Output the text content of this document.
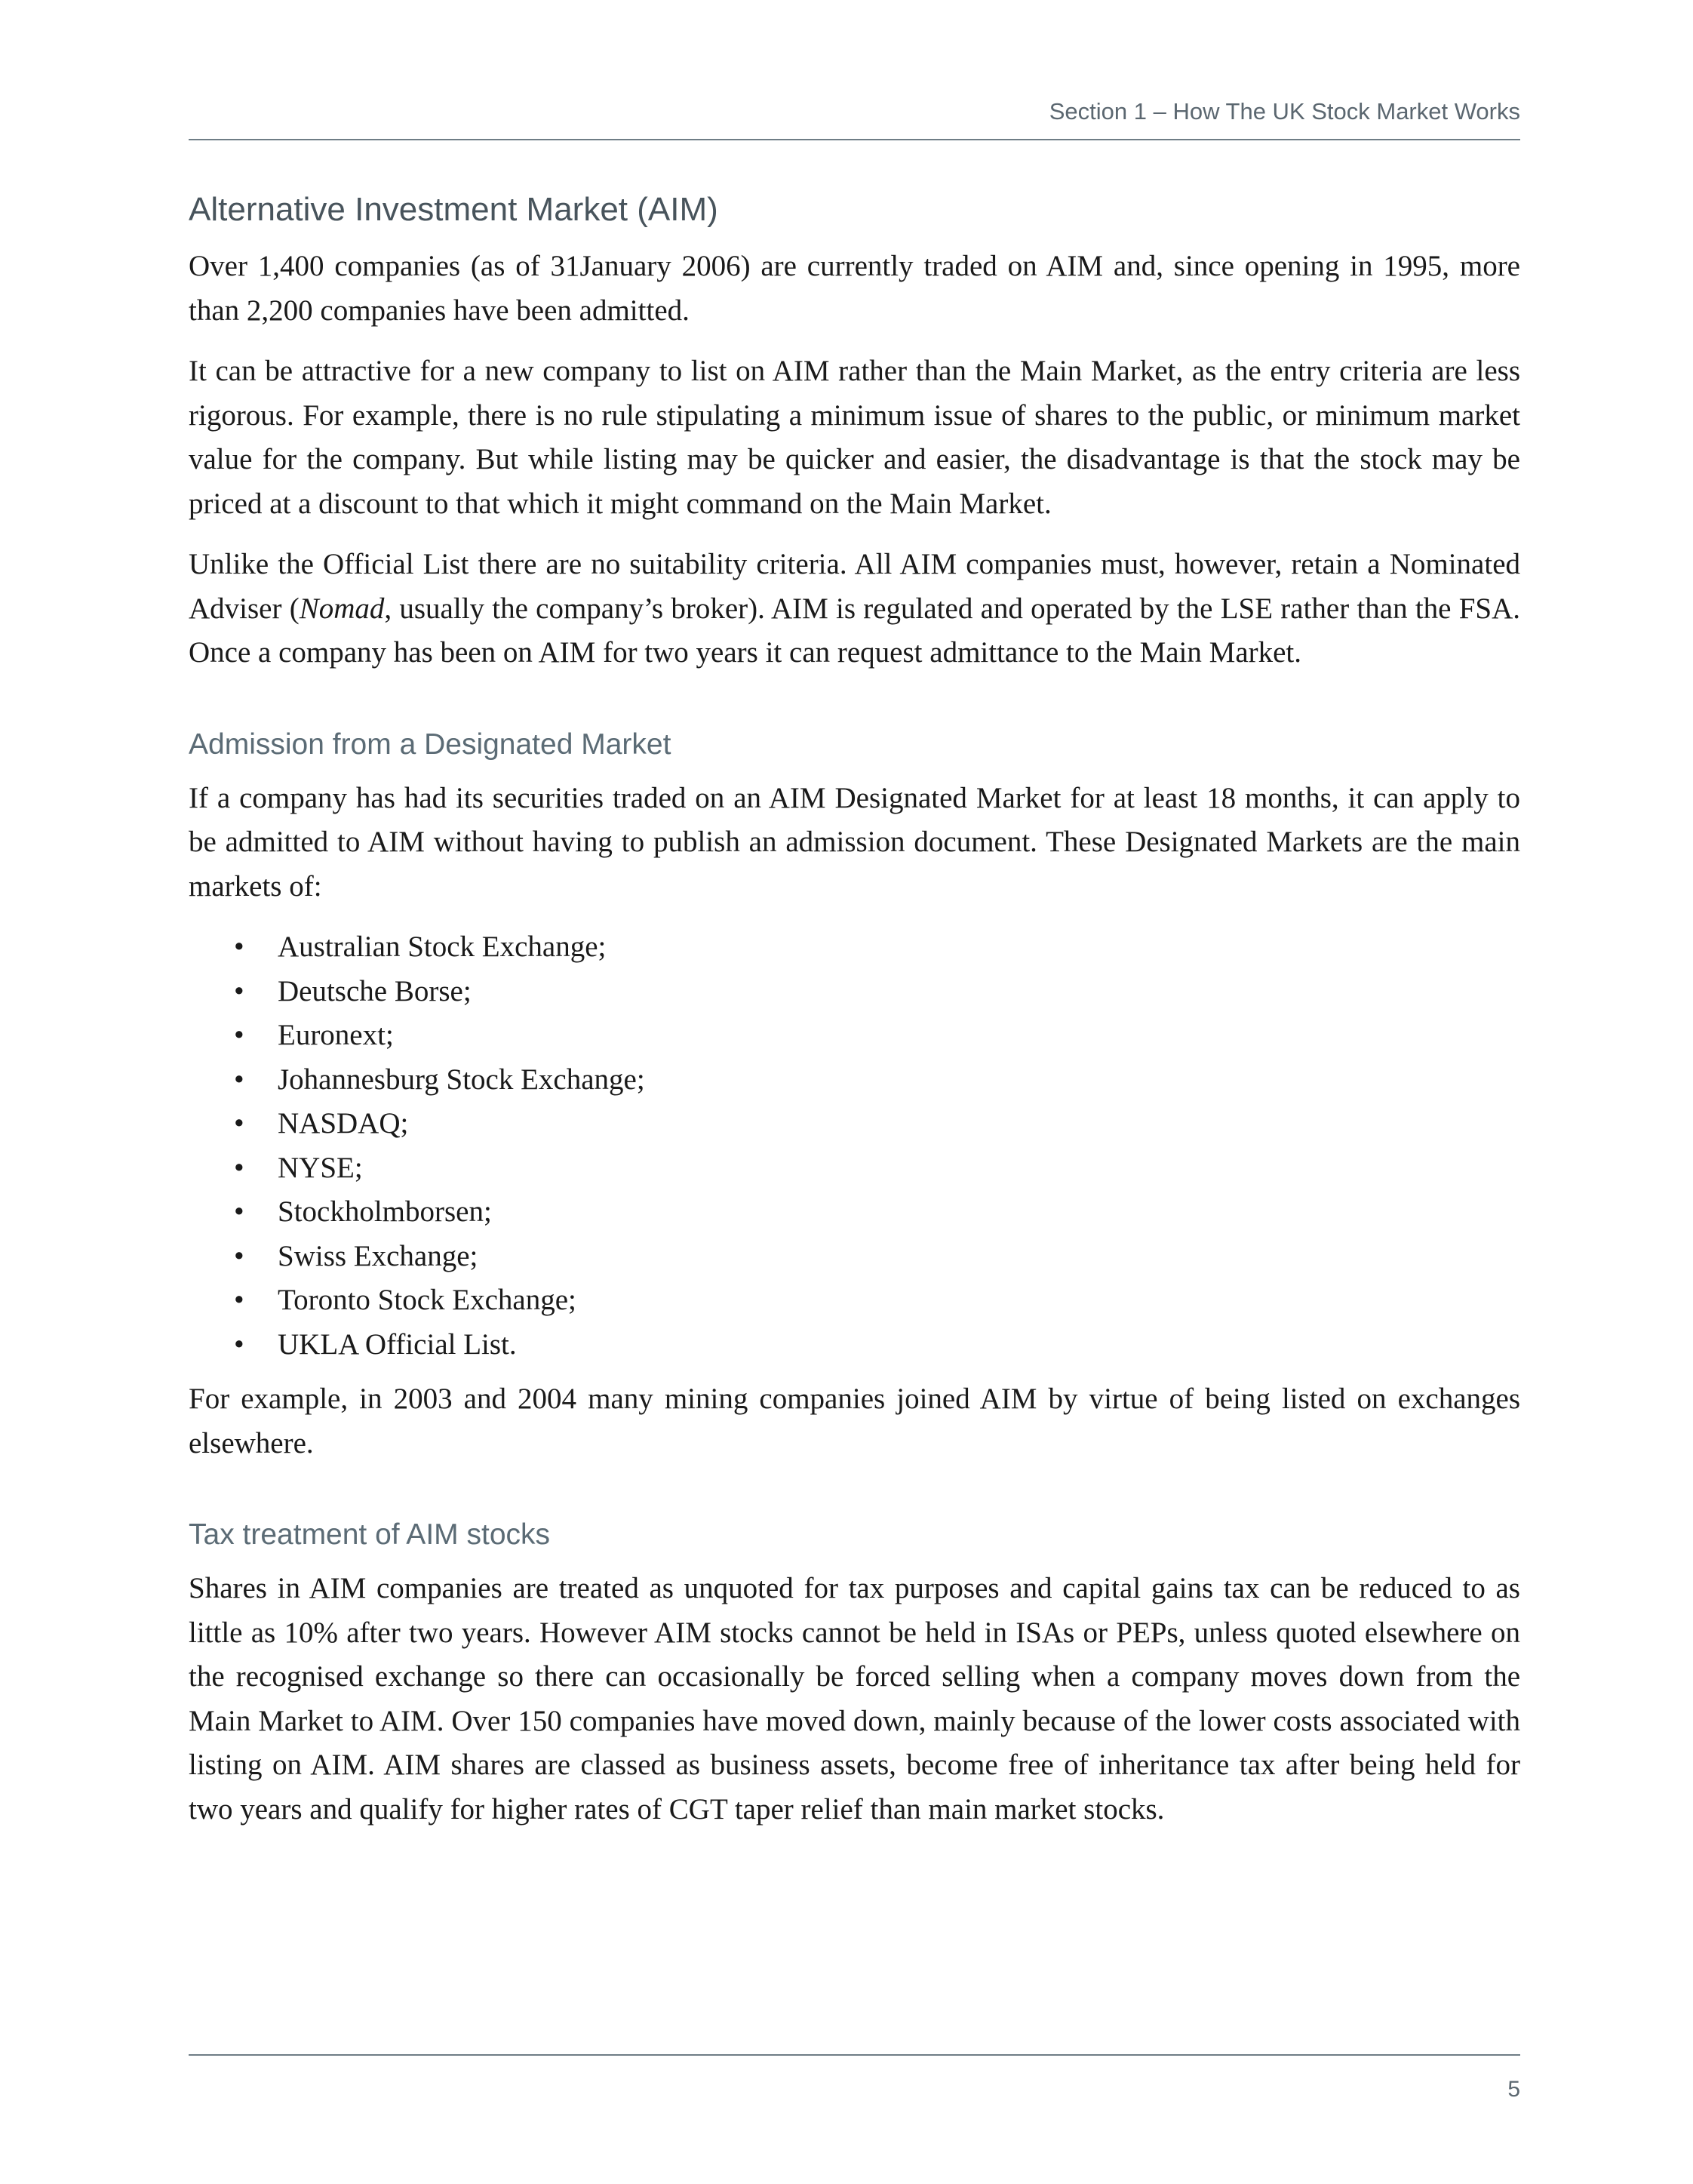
Section 1 – How The UK Stock Market Works
Alternative Investment Market (AIM)

Over 1,400 companies (as of 31January 2006) are currently traded on AIM and, since opening in 1995, more than 2,200 companies have been admitted.

It can be attractive for a new company to list on AIM rather than the Main Market, as the entry criteria are less rigorous. For example, there is no rule stipulating a minimum issue of shares to the public, or minimum market value for the company. But while listing may be quicker and easier, the disadvantage is that the stock may be priced at a discount to that which it might command on the Main Market.

Unlike the Official List there are no suitability criteria. All AIM companies must, however, retain a Nominated Adviser (Nomad, usually the company’s broker). AIM is regulated and operated by the LSE rather than the FSA. Once a company has been on AIM for two years it can request admittance to the Main Market.

Admission from a Designated Market

If a company has had its securities traded on an AIM Designated Market for at least 18 months, it can apply to be admitted to AIM without having to publish an admission document. These Designated Markets are the main markets of:

• Australian Stock Exchange;
• Deutsche Borse;
• Euronext;
• Johannesburg Stock Exchange;
• NASDAQ;
• NYSE;
• Stockholmborsen;
• Swiss Exchange;
• Toronto Stock Exchange;
• UKLA Official List.

For example, in 2003 and 2004 many mining companies joined AIM by virtue of being listed on exchanges elsewhere.

Tax treatment of AIM stocks

Shares in AIM companies are treated as unquoted for tax purposes and capital gains tax can be reduced to as little as 10% after two years. However AIM stocks cannot be held in ISAs or PEPs, unless quoted elsewhere on the recognised exchange so there can occasionally be forced selling when a company moves down from the Main Market to AIM. Over 150 companies have moved down, mainly because of the lower costs associated with listing on AIM. AIM shares are classed as business assets, become free of inheritance tax after being held for two years and qualify for higher rates of CGT taper relief than main market stocks.

5
